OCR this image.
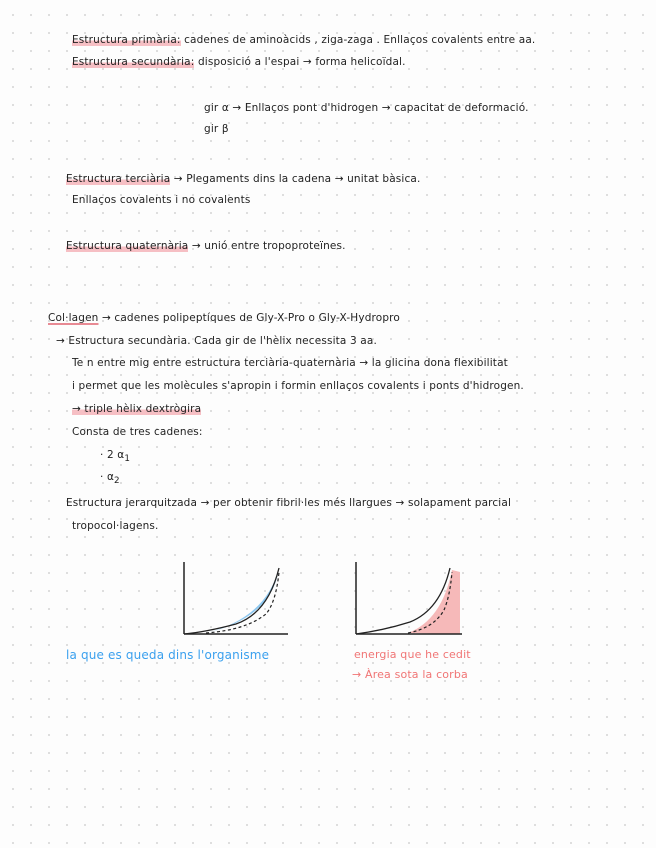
Estructura primària: cadenes de aminoàcids , ziga-zaga . Enllaços covalents entre aa.
Estructura secundària: disposició a l'espai → forma helicoïdal.
gir α → Enllaços pont d'hidrogen → capacitat de deformació.
gir β
Estructura terciària → Plegaments dins la cadena → unitat bàsica.
Enllaços covalents i no covalents
Estructura quaternària → unió entre tropoproteïnes.
Col·lagen → cadenes polipeptíques de Gly-X-Pro o Gly-X-Hydropro
→ Estructura secundària. Cada gir de l'hèlix necessita 3 aa.
Te n entre mig entre estructura terciària-quaternària → la glicina dona flexibilitat
i permet que les molècules s'apropin i formin enllaços covalents i ponts d'hidrogen.
→ triple hèlix dextrògira
Consta de tres cadenes:
· 2 $\alpha_1$
· $\alpha_2$
Estructura jerarquitzada → per obtenir fibril·les més llargues → solapament parcial
tropocol·lagens.
la que es queda dins l'organisme	energia que he cedit
→ Àrea sota la corba
